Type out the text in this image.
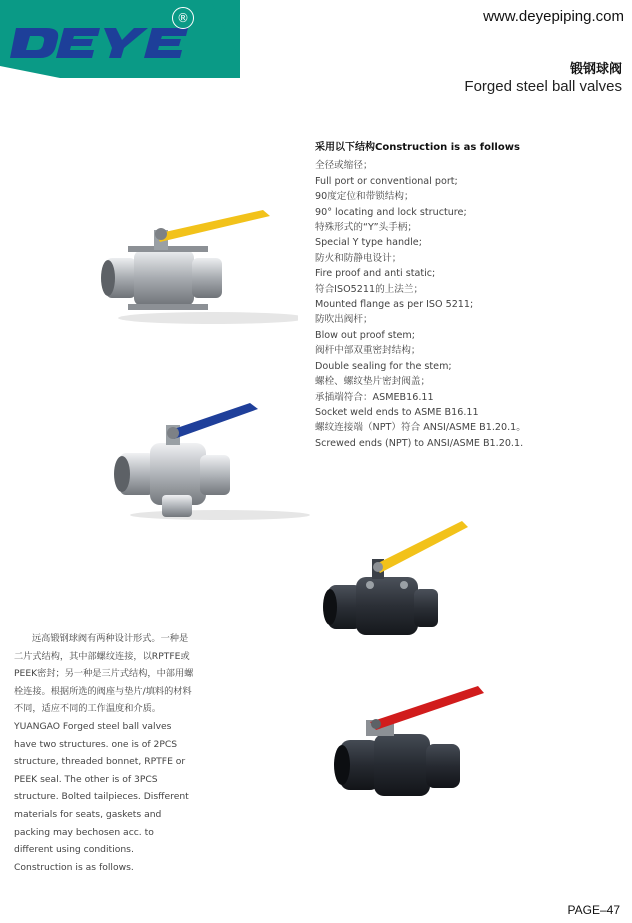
®	www.deyepiping.com
锻钢球阀
Forged steel ball valves
采用以下结构Construction is as follows
全径或缩径；
Full port or conventional port;
90度定位和带锁结构；
90° locating and lock structure;
特殊形式的“Y”头手柄；
Special Y type handle;
防火和防静电设计；
Fire proof and anti static;
符合ISO5211的上法兰；
Mounted flange as per ISO 5211;
防吹出阀杆；
Blow out proof stem;
阀杆中部双重密封结构；
Double sealing for the stem;
螺栓、螺纹垫片密封阀盖；
承插端符合：ASMEB16.11
Socket weld ends to ASME B16.11
螺纹连接端（NPT）符合 ANSI/ASME B1.20.1。
Screwed ends (NPT) to ANSI/ASME B1.20.1.

远高锻钢球阀有两种设计形式。一种是二片式结构，其中部螺纹连接，以RPTFE或PEEK密封；另一种是三片式结构，中部用螺栓连接。根据所选的阀座与垫片/填料的材料不同，适应不同的工作温度和介质。

YUANGAO Forged steel ball valves have two structures. one is of 2PCS structure, threaded bonnet, RPTFE or PEEK seal. The other is of 3PCS structure. Bolted tailpieces. Disfferent materials for seats, gaskets and packing may bechosen acc. to different using conditions. Construction is as follows.

PAGE–47
